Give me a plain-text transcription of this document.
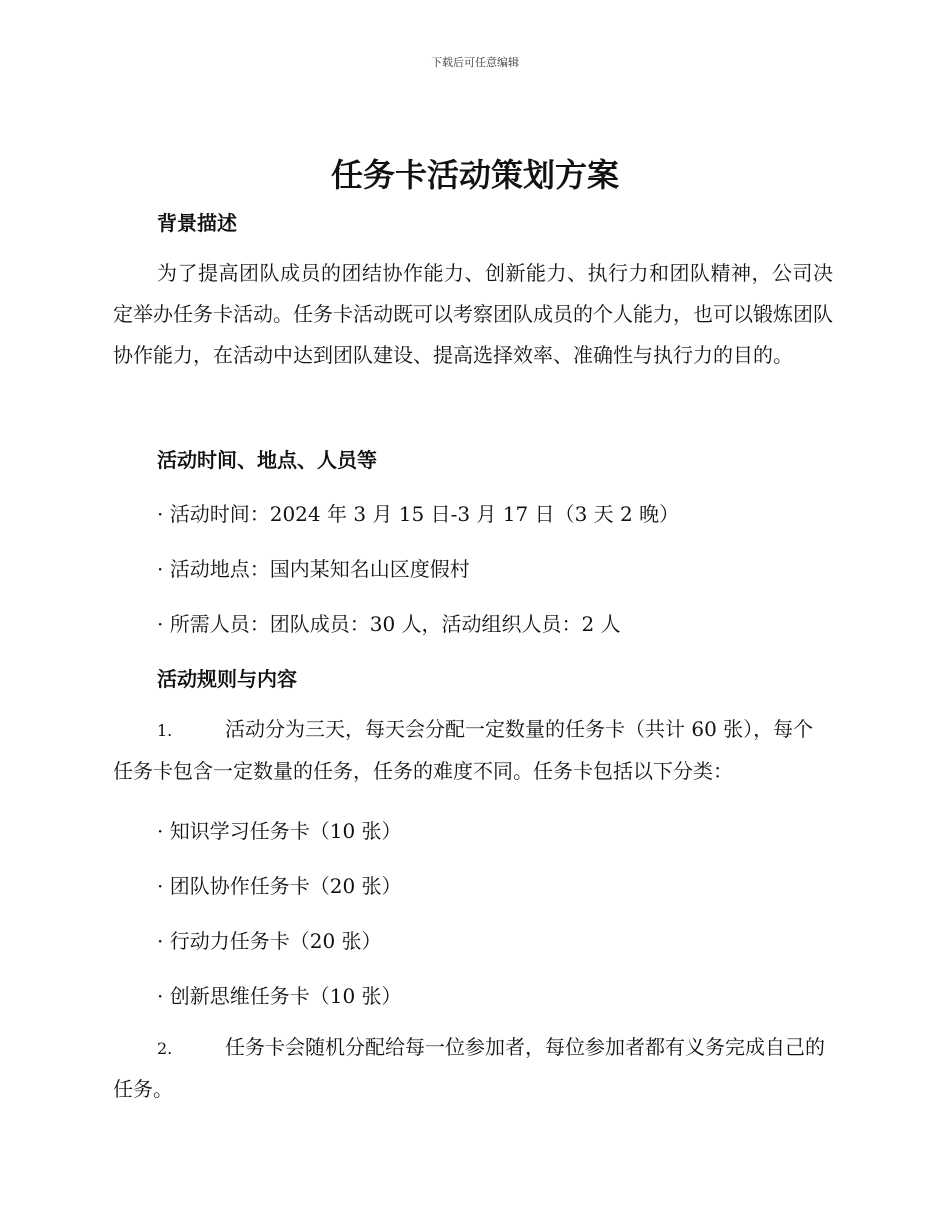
下载后可任意编辑
任务卡活动策划方案
背景描述
为了提高团队成员的团结协作能力、创新能力、执行力和团队精神，公司决定举办任务卡活动。任务卡活动既可以考察团队成员的个人能力，也可以锻炼团队协作能力，在活动中达到团队建设、提高选择效率、准确性与执行力的目的。
活动时间、地点、人员等
· 活动时间：2024 年 3 月 15 日-3 月 17 日（3 天 2 晚）
· 活动地点：国内某知名山区度假村
· 所需人员：团队成员：30 人，活动组织人员：2 人
活动规则与内容
1.	活动分为三天，每天会分配一定数量的任务卡（共计 60 张），每个任务卡包含一定数量的任务，任务的难度不同。任务卡包括以下分类：
· 知识学习任务卡（10 张）
· 团队协作任务卡（20 张）
· 行动力任务卡（20 张）
· 创新思维任务卡（10 张）
2.	任务卡会随机分配给每一位参加者，每位参加者都有义务完成自己的任务。
